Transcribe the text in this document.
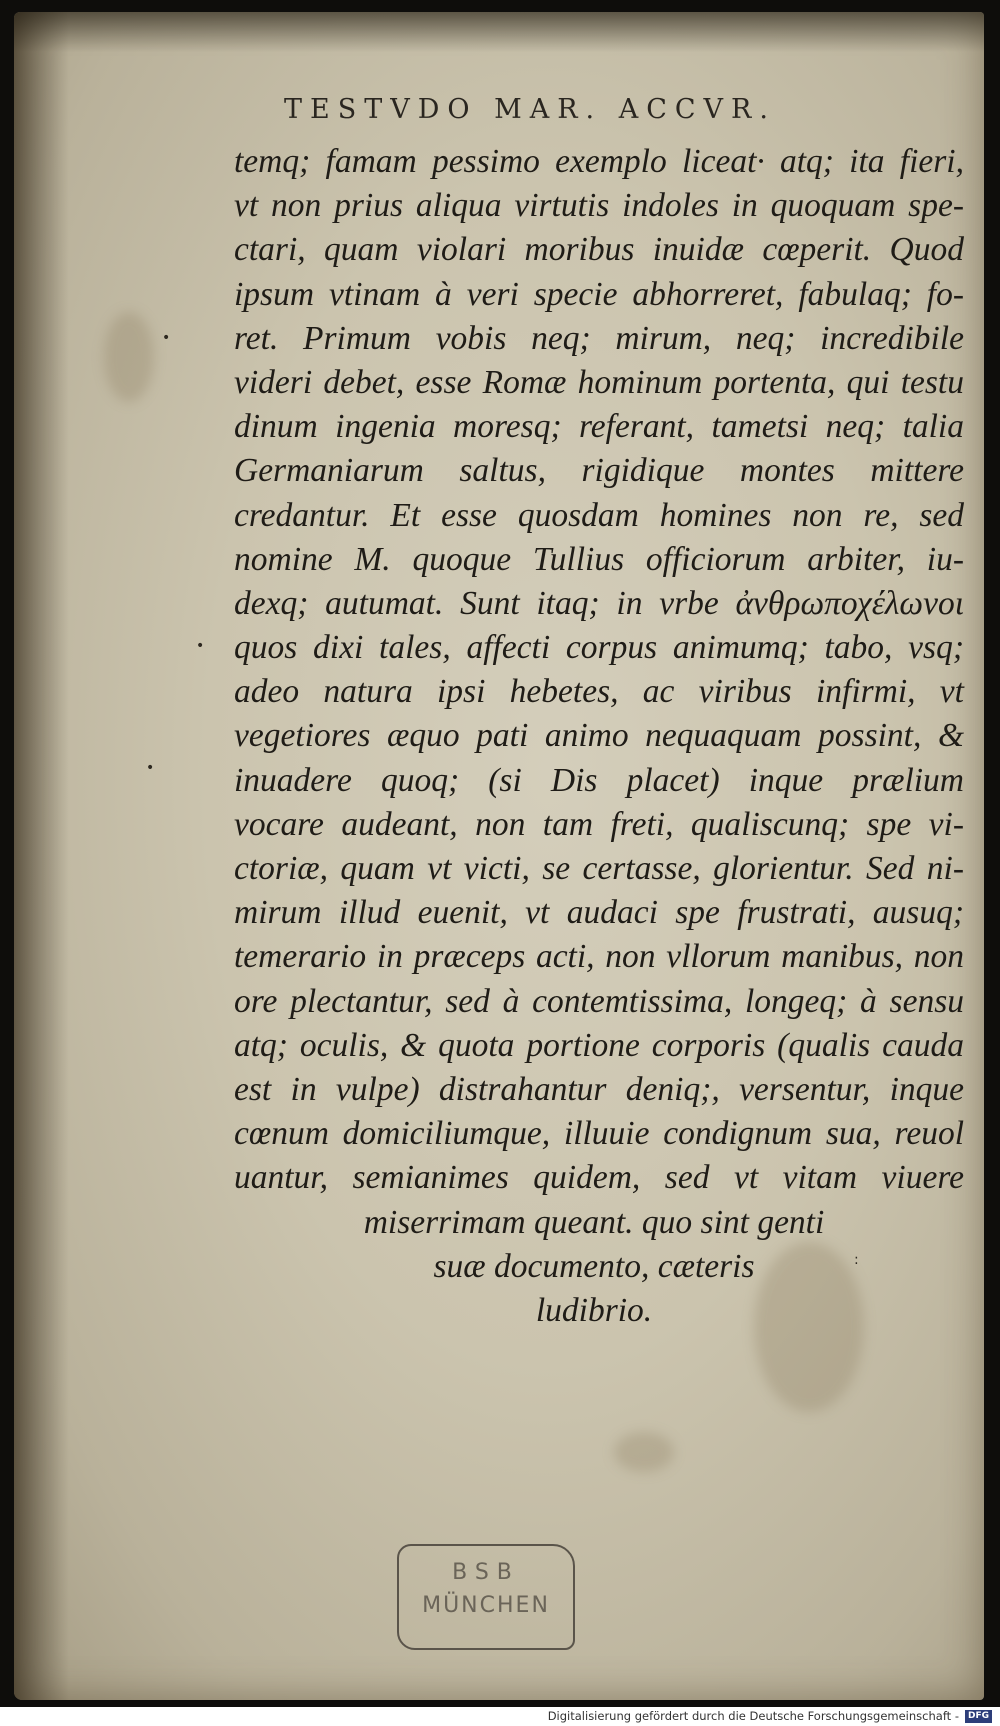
TESTVDO MAR. ACCVR.
temq; famam pessimo exemplo liceat· atq; ita fieri,
vt non prius aliqua virtutis indoles in quoquam spe-
ctari, quam violari moribus inuidæ cœperit. Quod
ipsum vtinam à veri specie abhorreret, fabulaq; fo-
ret. Primum vobis neq; mirum, neq; incredibile
videri debet, esse Romæ hominum portenta, qui testu
dinum ingenia moresq; referant, tametsi neq; talia
Germaniarum saltus, rigidique montes mittere
credantur. Et esse quosdam homines non re, sed
nomine M. quoque Tullius officiorum arbiter, iu-
dexq; autumat. Sunt itaq; in vrbe ἀνθρωποχέλωνοι
quos dixi tales, affecti corpus animumq; tabo, vsq;
adeo natura ipsi hebetes, ac viribus infirmi, vt
vegetiores æquo pati animo nequaquam possint, &
inuadere quoq; (si Dis placet) inque prælium
vocare audeant, non tam freti, qualiscunq; spe vi-
ctoriæ, quam vt victi, se certasse, glorientur. Sed ni-
mirum illud euenit, vt audaci spe frustrati, ausuq;
temerario in præceps acti, non vllorum manibus, non
ore plectantur, sed à contemtissima, longeq; à sensu
atq; oculis, & quota portione corporis (qualis cauda
est in vulpe) distrahantur deniq;, versentur, inque
cœnum domiciliumque, illuuie condignum sua, reuol
uantur, semianimes quidem, sed vt vitam viuere
miserrimam queant. quo sint genti
suæ documento, cæteris
ludibrio.
•
•
•
:
BSB
MÜNCHEN
Digitalisierung gefördert durch die Deutsche Forschungsgemeinschaft - DFG
